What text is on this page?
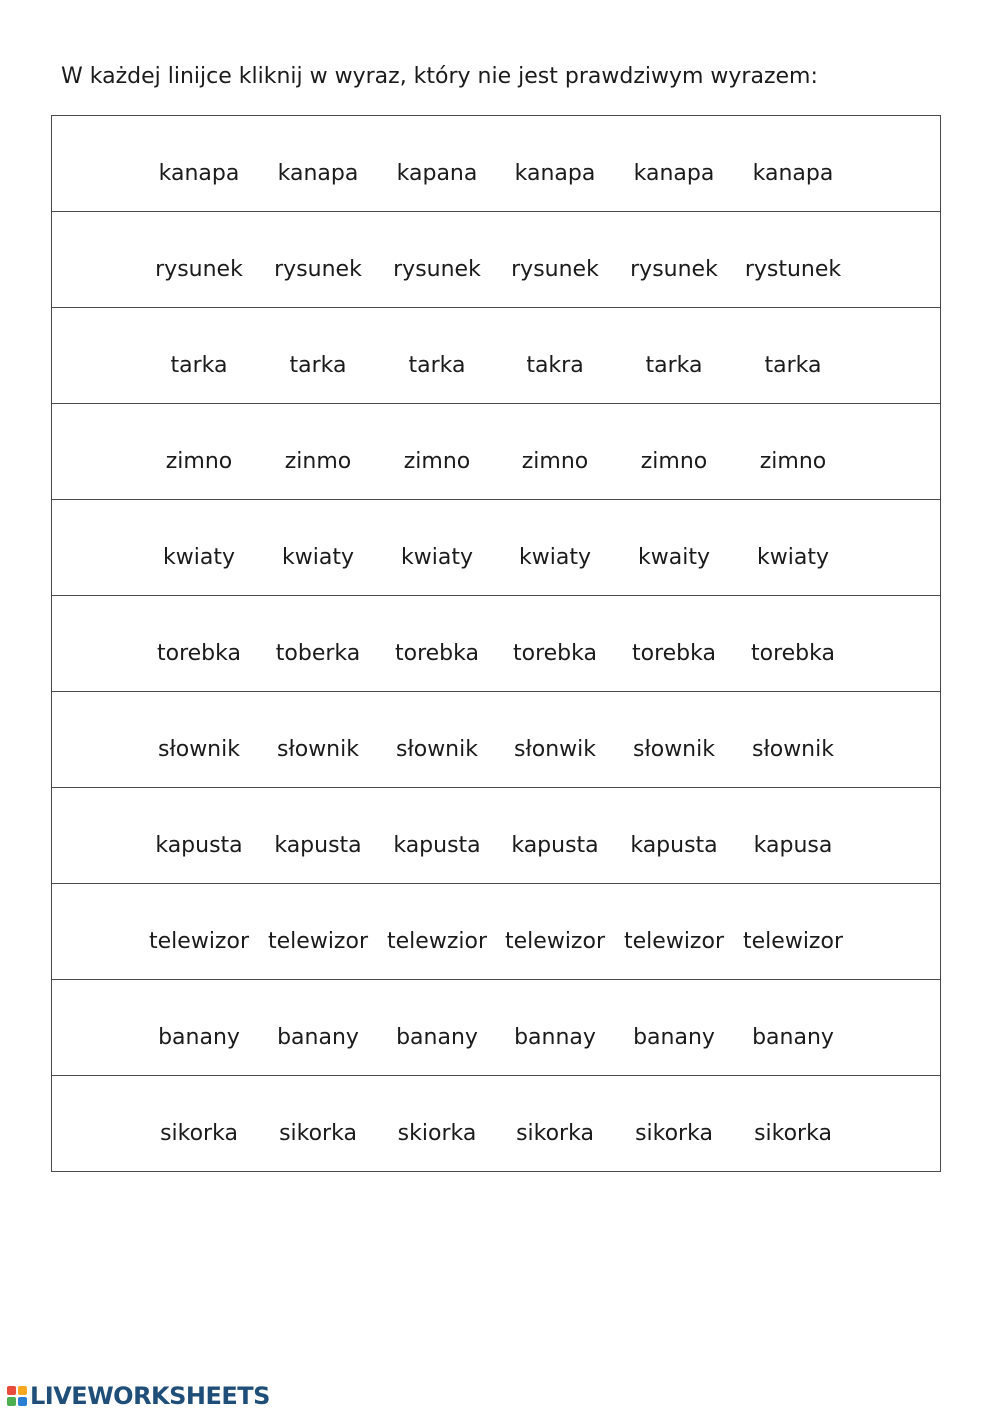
W każdej linijce kliknij w wyraz, który nie jest prawdziwym wyrazem:
kanapa	kanapa	kapana	kanapa	kanapa	kanapa
rysunek	rysunek	rysunek	rysunek	rysunek	rystunek
tarka	tarka	tarka	takra	tarka	tarka
zimno	zinmo	zimno	zimno	zimno	zimno
kwiaty	kwiaty	kwiaty	kwiaty	kwaity	kwiaty
torebka	toberka	torebka	torebka	torebka	torebka
słownik	słownik	słownik	słonwik	słownik	słownik
kapusta	kapusta	kapusta	kapusta	kapusta	kapusa
telewizor telewizor telewzior telewizor telewizor telewizor
banany	banany	banany	bannay	banany	banany
sikorka	sikorka	skiorka	sikorka	sikorka	sikorka
LIVEWORKSHEETS
